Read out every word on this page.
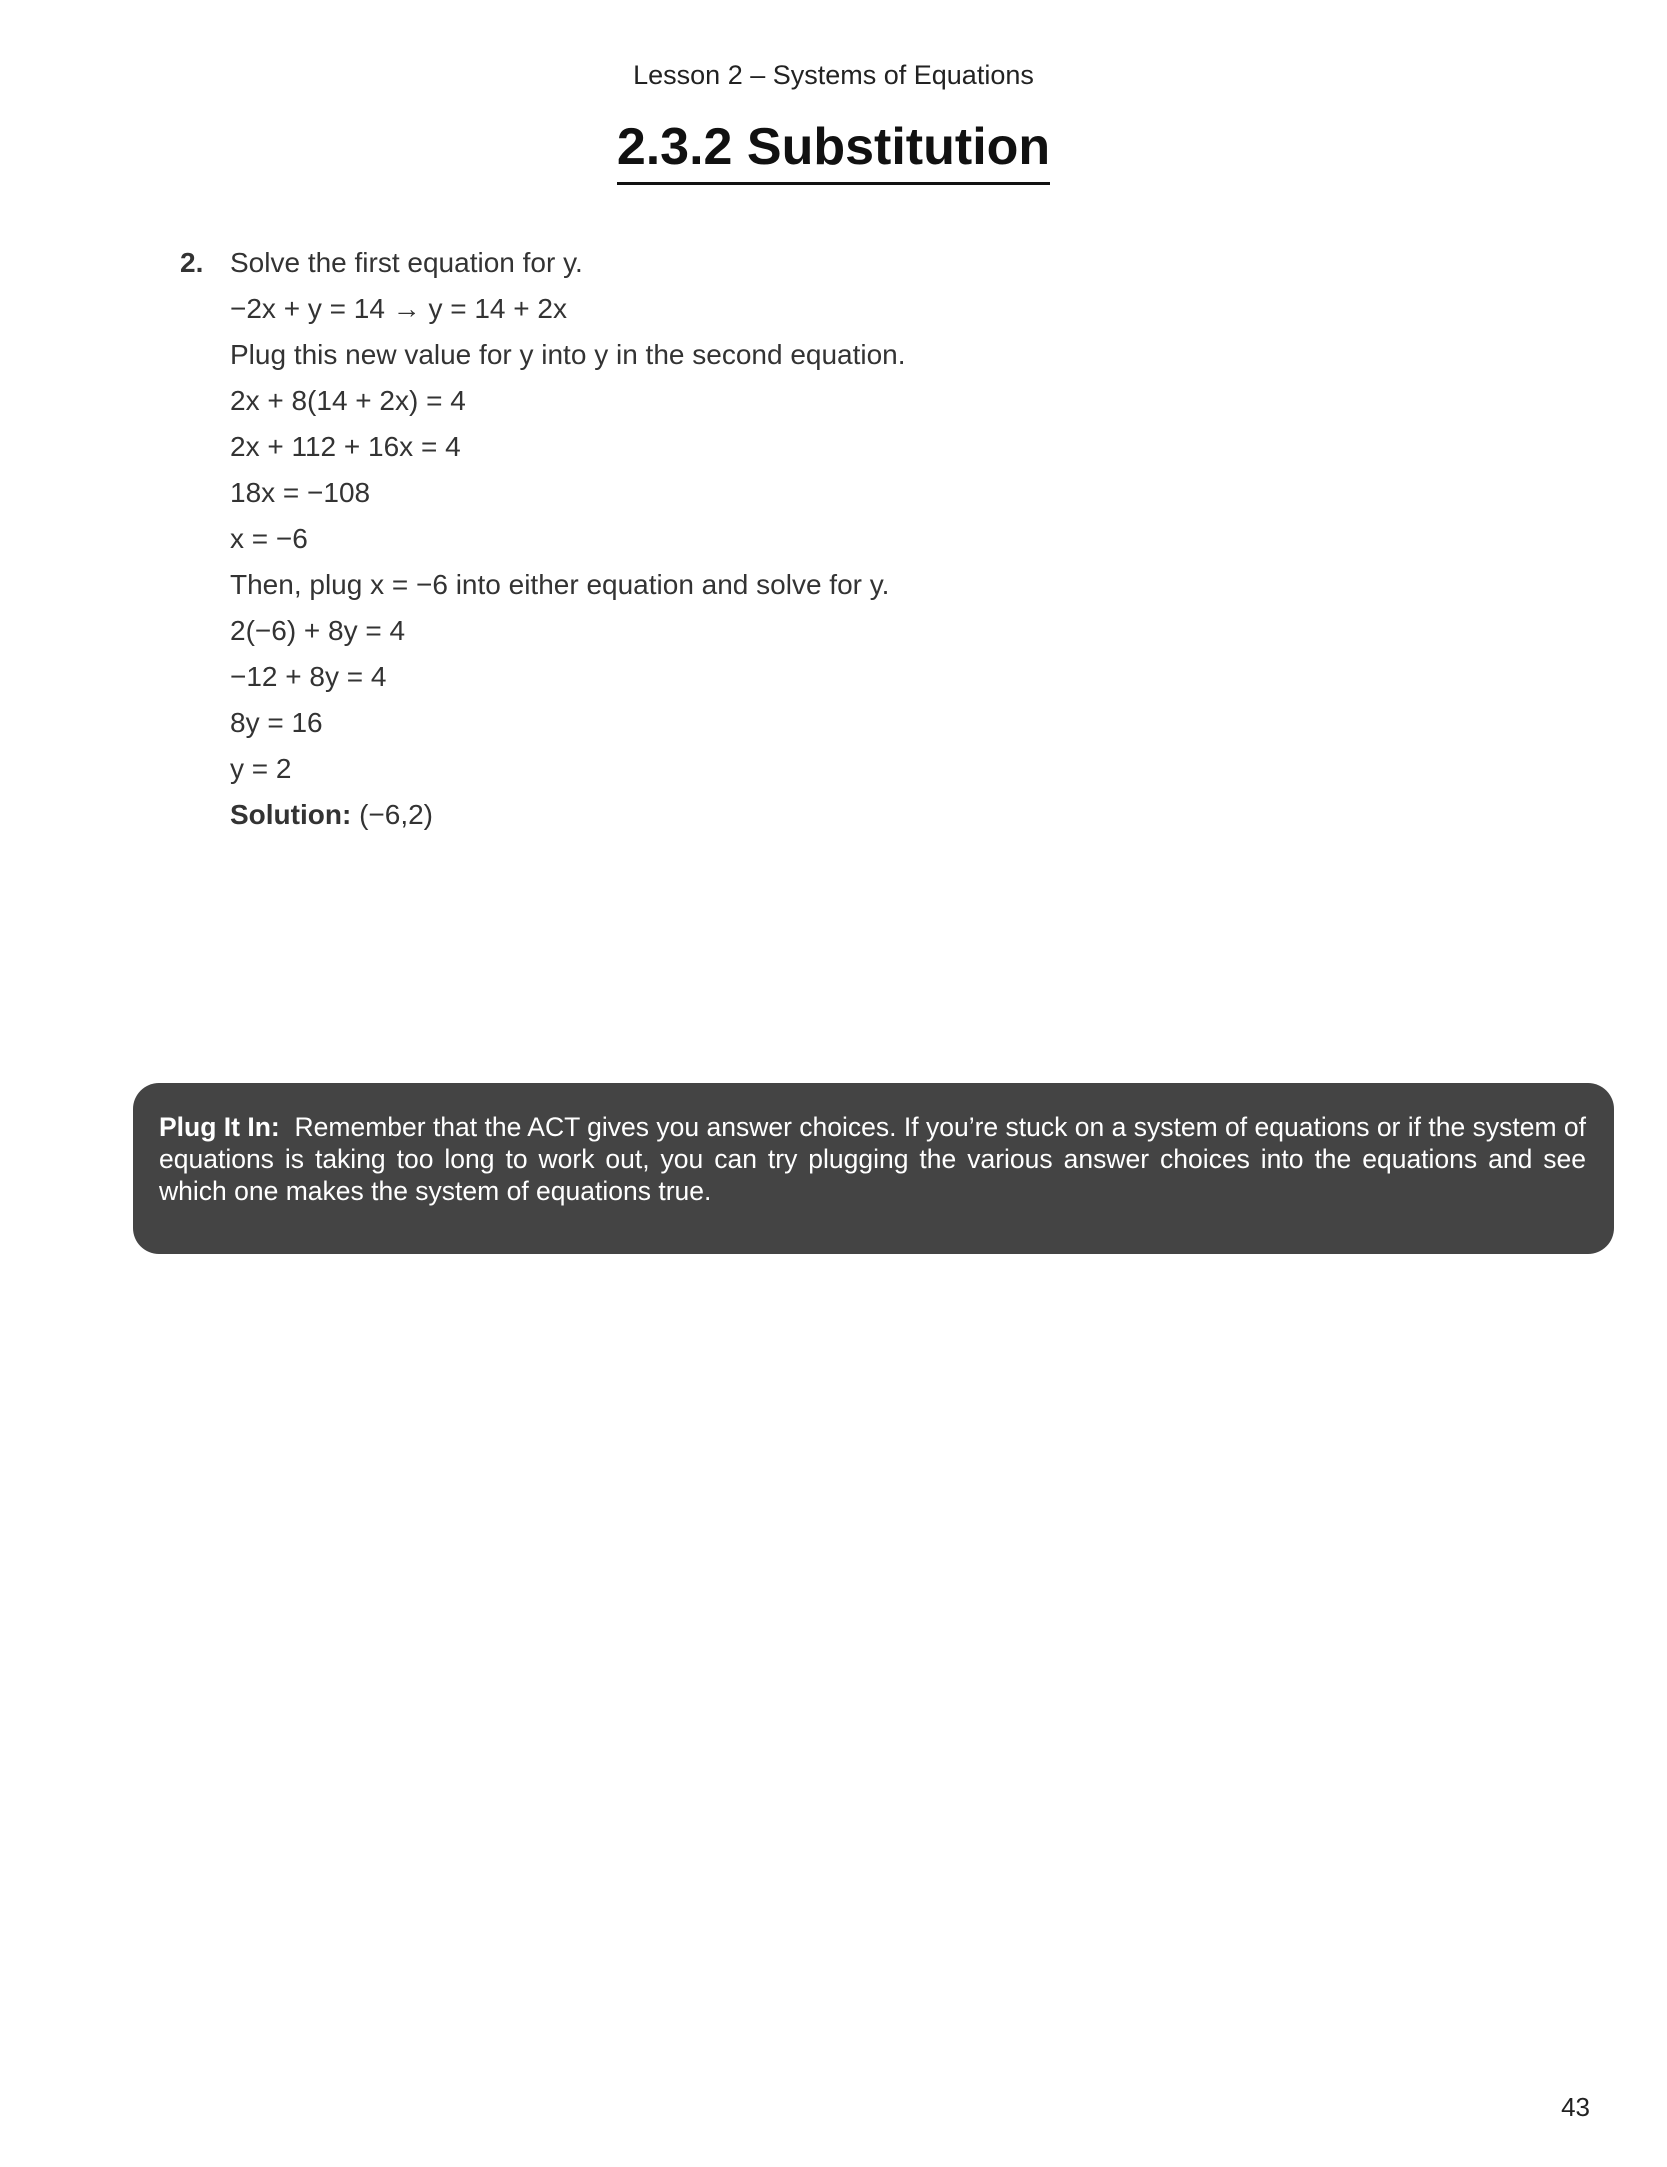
Lesson 2 – Systems of Equations
2.3.2 Substitution
2. Solve the first equation for y.
−2x + y = 14 → y = 14 + 2x
Plug this new value for y into y in the second equation.
2x + 8(14 + 2x) = 4
2x + 112 + 16x = 4
18x = −108
x = −6
Then, plug x = −6 into either equation and solve for y.
2(−6) + 8y = 4
−12 + 8y = 4
8y = 16
y = 2
Solution: (−6,2)
Plug It In: Remember that the ACT gives you answer choices. If you’re stuck on a system of equations or if the system of equations is taking too long to work out, you can try plugging the various answer choices into the equations and see which one makes the system of equations true.
43
